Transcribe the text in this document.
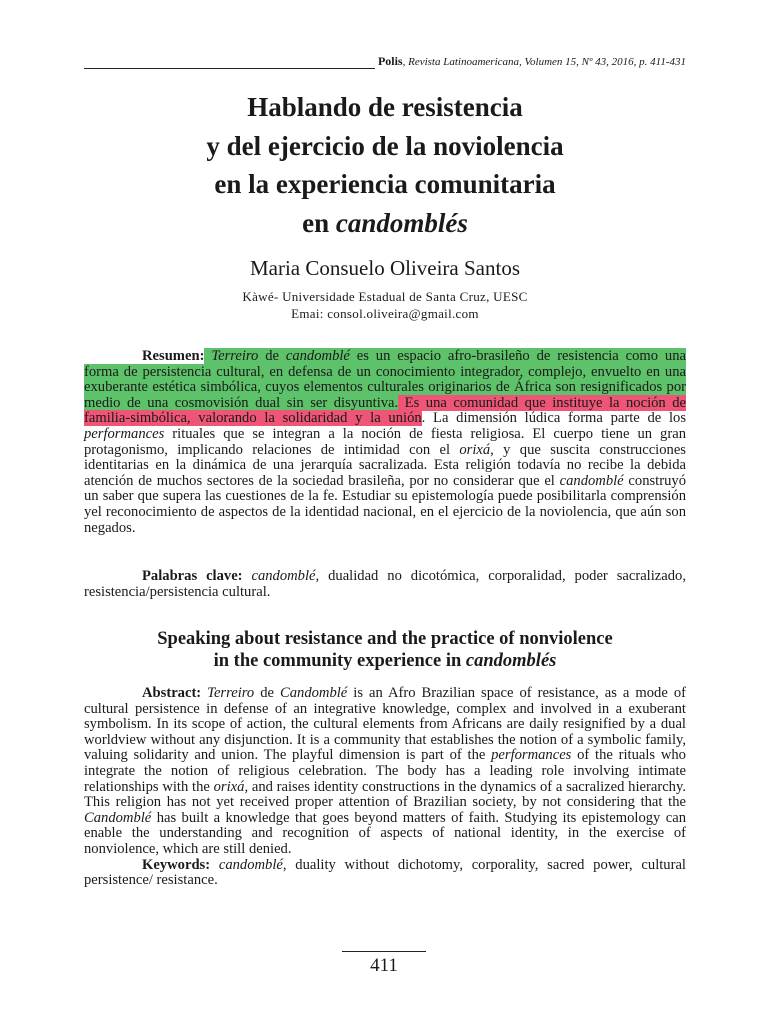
Polis, Revista Latinoamericana, Volumen 15, Nº 43, 2016, p. 411-431
Hablando de resistencia
y del ejercicio de la noviolencia
en la experiencia comunitaria
en candomblés
Maria Consuelo Oliveira Santos
Kàwé- Universidade Estadual de Santa Cruz, UESC
Emai: consol.oliveira@gmail.com
Resumen: Terreiro de candomblé es un espacio afro-brasileño de resistencia como una forma de persistencia cultural, en defensa de un conocimiento integrador, complejo, envuelto en una exuberante estética simbólica, cuyos elementos culturales originarios de África son resignificados por medio de una cosmovisión dual sin ser disyuntiva. Es una comunidad que instituye la noción de familia-simbólica, valorando la solidaridad y la unión. La dimensión lúdica forma parte de los performances rituales que se integran a la noción de fiesta religiosa. El cuerpo tiene un gran protagonismo, implicando relaciones de intimidad con el orixá, y que suscita construcciones identitarias en la dinámica de una jerarquía sacralizada. Esta religión todavía no recibe la debida atención de muchos sectores de la sociedad brasileña, por no considerar que el candomblé construyó un saber que supera las cuestiones de la fe. Estudiar su epistemología puede posibilitarla comprensión yel reconocimiento de aspectos de la identidad nacional, en el ejercicio de la noviolencia, que aún son negados.
Palabras clave: candomblé, dualidad no dicotómica, corporalidad, poder sacralizado, resistencia/persistencia cultural.
Speaking about resistance and the practice of nonviolence
in the community experience in candomblés
Abstract: Terreiro de Candomblé is an Afro Brazilian space of resistance, as a mode of cultural persistence in defense of an integrative knowledge, complex and involved in a exuberant symbolism. In its scope of action, the cultural elements from Africans are daily resignified by a dual worldview without any disjunction. It is a community that establishes the notion of a symbolic family, valuing solidarity and union. The playful dimension is part of the performances of the rituals who integrate the notion of religious celebration. The body has a leading role involving intimate relationships with the orixá, and raises identity constructions in the dynamics of a sacralized hierarchy. This religion has not yet received proper attention of Brazilian society, by not considering that the Candomblé has built a knowledge that goes beyond matters of faith. Studying its epistemology can enable the understanding and recognition of aspects of national identity, in the exercise of nonviolence, which are still denied.
Keywords: candomblé, duality without dichotomy, corporality, sacred power, cultural persistence/ resistance.
411
